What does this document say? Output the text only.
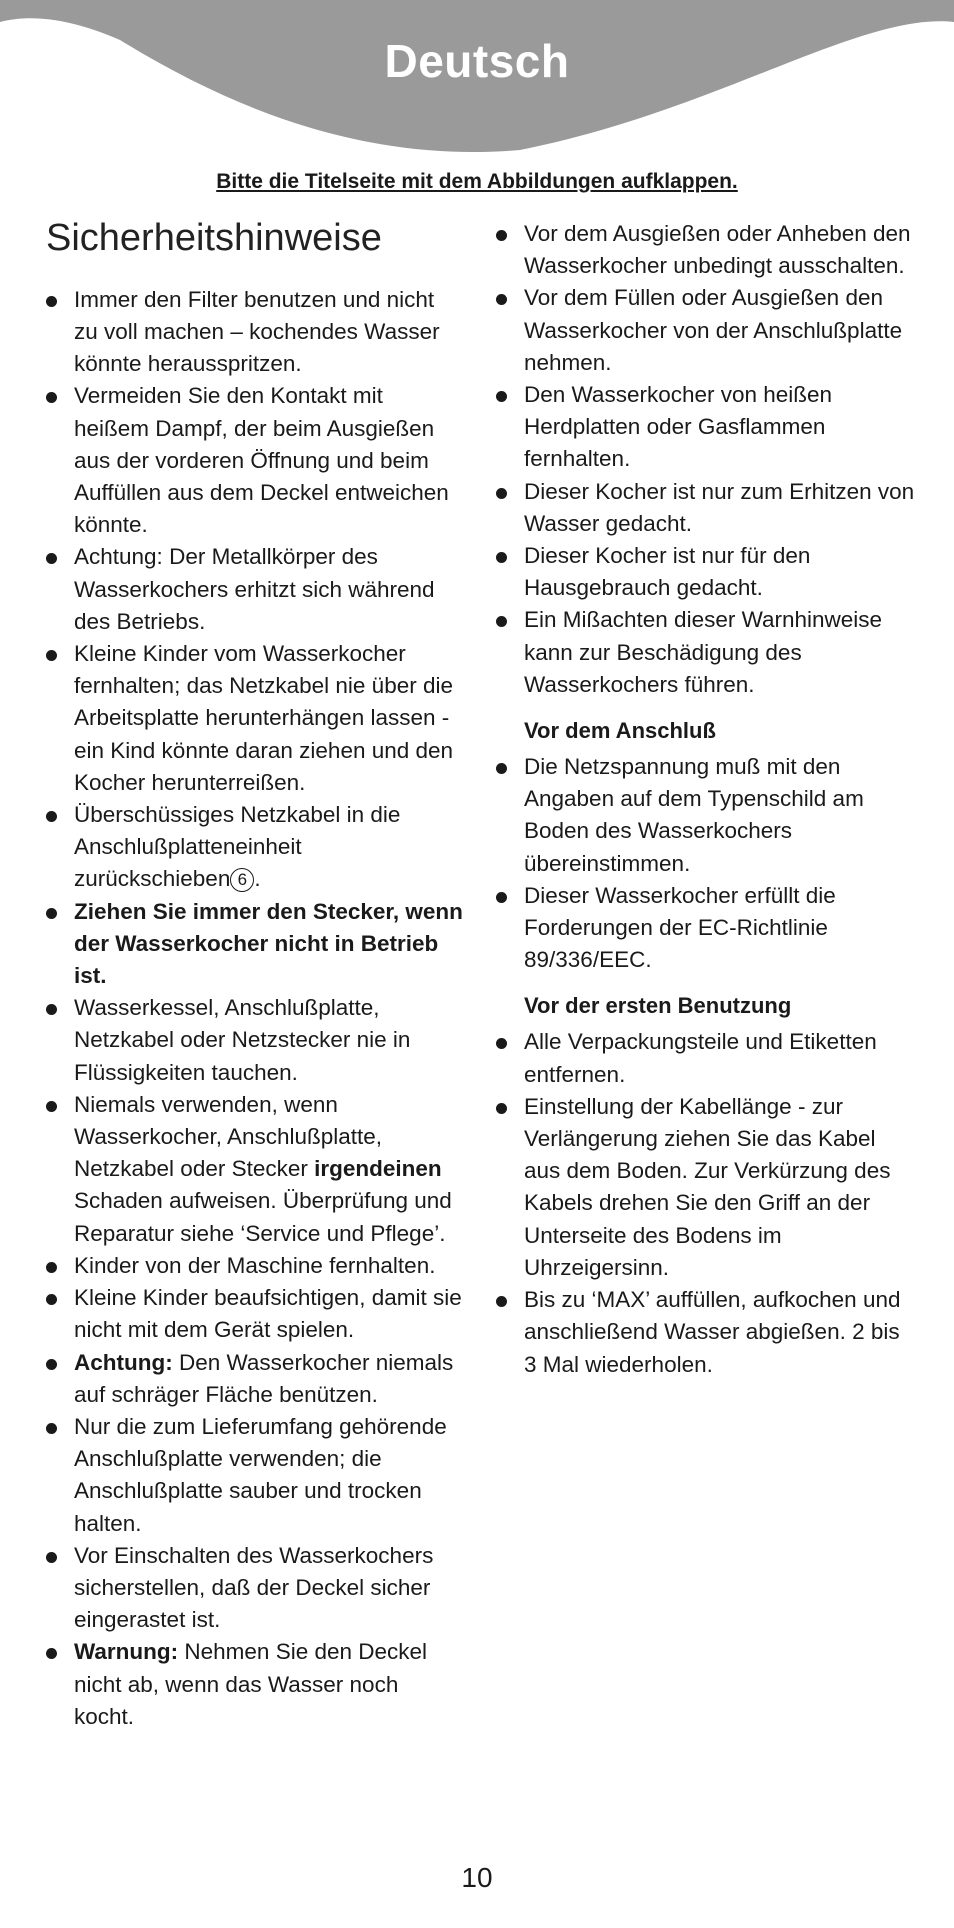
Deutsch
Bitte die Titelseite mit dem Abbildungen aufklappen.
Sicherheitshinweise
Immer den Filter benutzen und nicht zu voll machen – kochendes Wasser könnte herausspritzen.
Vermeiden Sie den Kontakt mit heißem Dampf, der beim Ausgießen aus der vorderen Öffnung und beim Auffüllen aus dem Deckel entweichen könnte.
Achtung: Der Metallkörper des Wasserkochers erhitzt sich während des Betriebs.
Kleine Kinder vom Wasserkocher fernhalten; das Netzkabel nie über die Arbeitsplatte herunterhängen lassen - ein Kind könnte daran ziehen und den Kocher herunterreißen.
Überschüssiges Netzkabel in die Anschlußplatteneinheit zurückschieben 6 .
Ziehen Sie immer den Stecker, wenn der Wasserkocher nicht in Betrieb ist.
Wasserkessel, Anschlußplatte, Netzkabel oder Netzstecker nie in Flüssigkeiten tauchen.
Niemals verwenden, wenn Wasserkocher, Anschlußplatte, Netzkabel oder Stecker irgendeinen Schaden aufweisen. Überprüfung und Reparatur siehe ‘Service und Pflege’.
Kinder von der Maschine fernhalten.
Kleine Kinder beaufsichtigen, damit sie nicht mit dem Gerät spielen.
Achtung: Den Wasserkocher niemals auf schräger Fläche benützen.
Nur die zum Lieferumfang gehörende Anschlußplatte verwenden; die Anschlußplatte sauber und trocken halten.
Vor Einschalten des Wasserkochers sicherstellen, daß der Deckel sicher eingerastet ist.
Warnung: Nehmen Sie den Deckel nicht ab, wenn das Wasser noch kocht.
Vor dem Ausgießen oder Anheben den Wasserkocher unbedingt ausschalten.
Vor dem Füllen oder Ausgießen den Wasserkocher von der Anschlußplatte nehmen.
Den Wasserkocher von heißen Herdplatten oder Gasflammen fernhalten.
Dieser Kocher ist nur zum Erhitzen von Wasser gedacht.
Dieser Kocher ist nur für den Hausgebrauch gedacht.
Ein Mißachten dieser Warnhinweise kann zur Beschädigung des Wasserkochers führen.
Vor dem Anschluß
Die Netzspannung muß mit den Angaben auf dem Typenschild am Boden des Wasserkochers übereinstimmen.
Dieser Wasserkocher erfüllt die Forderungen der EC-Richtlinie 89/336/EEC.
Vor der ersten Benutzung
Alle Verpackungsteile und Etiketten entfernen.
Einstellung der Kabellänge - zur Verlängerung ziehen Sie das Kabel aus dem Boden. Zur Verkürzung des Kabels drehen Sie den Griff an der Unterseite des Bodens im Uhrzeigersinn.
Bis zu ‘MAX’ auffüllen, aufkochen und anschließend Wasser abgießen. 2 bis 3 Mal wiederholen.
10
